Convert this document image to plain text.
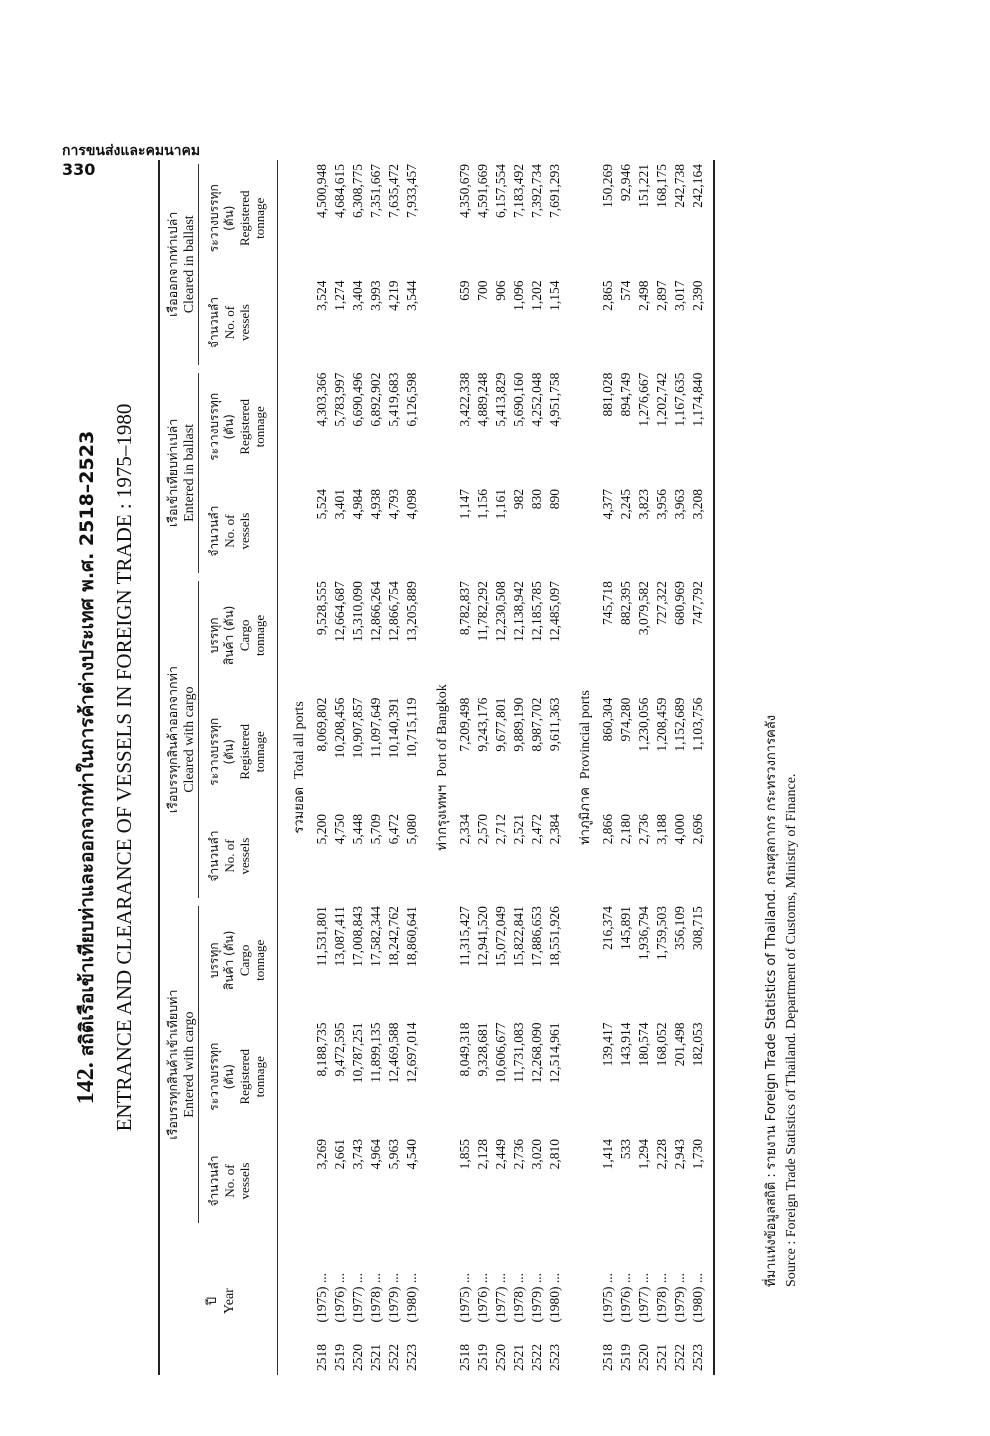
การขนส่งและคมนาคม
330
142. สถิติเรือเข้าเทียบท่าและออกจากท่าในการค้าต่างประเทศ พ.ศ. 2518–2523 ENTRANCE AND CLEARANCE OF VESSELS IN FOREIGN TRADE : 1975–1980

ปี Year		เรือบรรทุกสินค้าเข้าเทียบท่า Entered with cargo			เรือบรรทุกสินค้าออกจากท่า Cleared with cargo			เรือเข้าเทียบท่าเปล่า Entered in ballast		เรือออกจากท่าเปล่า Cleared in ballast	

		จำนวนลำ No. of vessels	ระวางบรรทุก (ตัน) Registered tonnage	บรรทุก สินค้า (ตัน) Cargo tonnage	จำนวนลำ No. of vessels	ระวางบรรทุก (ตัน) Registered tonnage	บรรทุก สินค้า (ตัน) Cargo tonnage	จำนวนลำ No. of vessels	ระวางบรรทุก (ตัน) Registered tonnage	จำนวนลำ No. of vessels	ระวางบรรทุก (ตัน) Registered tonnage

รวมยอดTotal all ports											
2518	(1975) ...	3,269	8,188,735	11,531,801	5,200	8,069,802	9,528,555	5,524	4,303,366	3,524	4,500,948
2519	(1976) ...	2,661	9,472,595	13,087,411	4,750	10,208,456	12,664,687	3,401	5,783,997	1,274	4,684,615
2520	(1977) ...	3,743	10,787,251	17,008,843	5,448	10,907,857	15,310,090	4,984	6,690,496	3,404	6,308,775
2521	(1978) ...	4,964	11,899,135	17,582,344	5,709	11,097,649	12,866,264	4,938	6,892,902	3,993	7,351,667
2522	(1979) ...	5,963	12,469,588	18,242,762	6,472	10,140,391	12,866,754	4,793	5,419,683	4,219	7,635,472
2523	(1980) ...	4,540	12,697,014	18,860,641	5,080	10,715,119	13,205,889	4,098	6,126,598	3,544	7,933,457
ท่ากรุงเทพฯPort of Bangkok											
2518	(1975) ...	1,855	8,049,318	11,315,427	2,334	7,209,498	8,782,837	1,147	3,422,338	659	4,350,679
2519	(1976) ...	2,128	9,328,681	12,941,520	2,570	9,243,176	11,782,292	1,156	4,889,248	700	4,591,669
2520	(1977) ...	2,449	10,606,677	15,072,049	2,712	9,677,801	12,230,508	1,161	5,413,829	906	6,157,554
2521	(1978) ...	2,736	11,731,083	15,822,841	2,521	9,889,190	12,138,942	982	5,690,160	1,096	7,183,492
2522	(1979) ...	3,020	12,268,090	17,886,653	2,472	8,987,702	12,185,785	830	4,252,048	1,202	7,392,734
2523	(1980) ...	2,810	12,514,961	18,551,926	2,384	9,611,363	12,485,097	890	4,951,758	1,154	7,691,293
ท่าภูมิภาคProvincial ports											
2518	(1975) ...	1,414	139,417	216,374	2,866	860,304	745,718	4,377	881,028	2,865	150,269
2519	(1976) ...	533	143,914	145,891	2,180	974,280	882,395	2,245	894,749	574	92,946
2520	(1977) ...	1,294	180,574	1,936,794	2,736	1,230,056	3,079,582	3,823	1,276,667	2,498	151,221
2521	(1978) ...	2,228	168,052	1,759,503	3,188	1,208,459	727,322	3,956	1,202,742	2,897	168,175
2522	(1979) ...	2,943	201,498	356,109	4,000	1,152,689	680,969	3,963	1,167,635	3,017	242,738
2523	(1980) ...	1,730	182,053	308,715	2,696	1,103,756	747,792	3,208	1,174,840	2,390	242,164

ที่มาแห่งข้อมูลสถิติ : รายงาน Foreign Trade Statistics of Thailand. กรมศุลกากร กระทรวงการคลัง
Source : Foreign Trade Statistics of Thailand. Department of Customs, Ministry of Finance.
